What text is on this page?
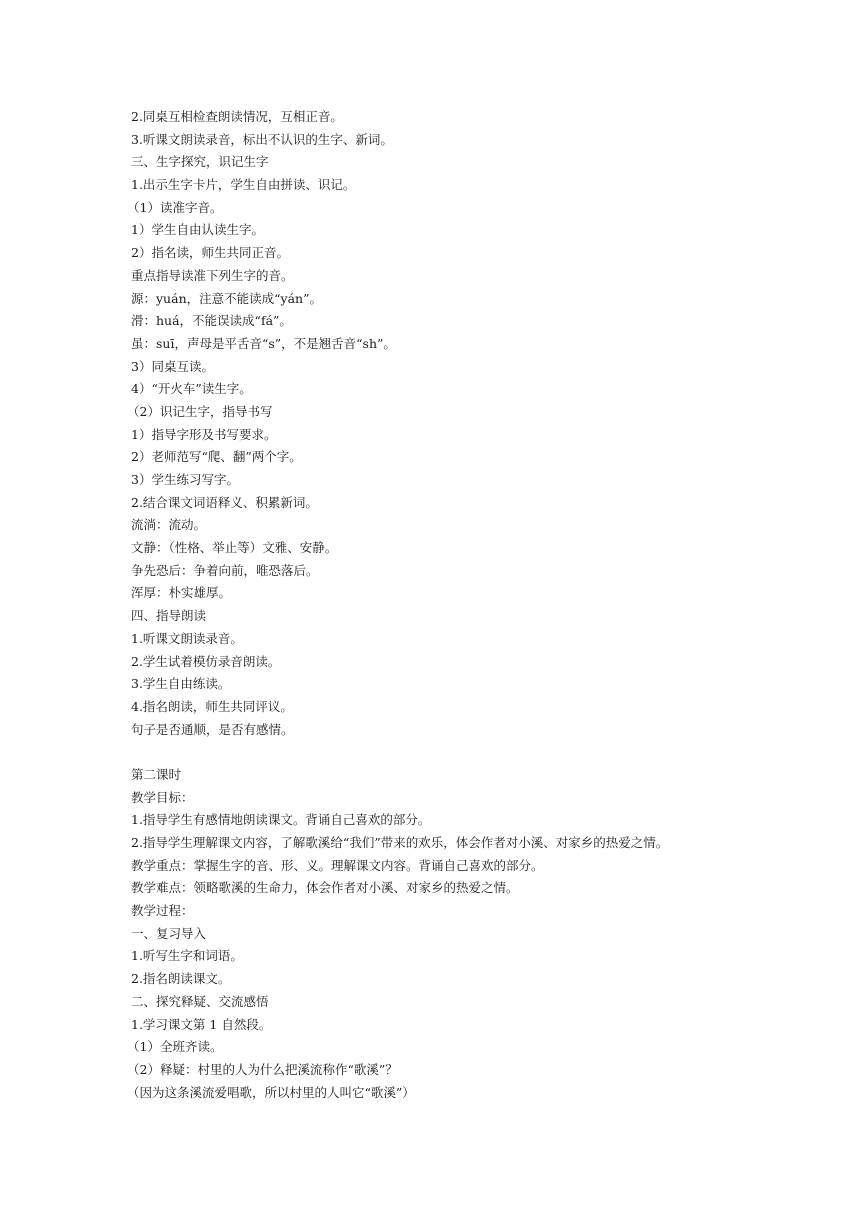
2.同桌互相检查朗读情况，互相正音。
3.听课文朗读录音，标出不认识的生字、新词。
三、生字探究，识记生字
1.出示生字卡片，学生自由拼读、识记。
（1）读准字音。
1）学生自由认读生字。
2）指名读，师生共同正音。
重点指导读准下列生字的音。
源：yuán，注意不能读成“yán”。
滑：huá，不能误读成“fá”。
虽：suī，声母是平舌音“s”，不是翘舌音“sh”。
3）同桌互读。
4）“开火车”读生字。
（2）识记生字，指导书写
1）指导字形及书写要求。
2）老师范写“爬、翻”两个字。
3）学生练习写字。
2.结合课文词语释义、积累新词。
流淌：流动。
文静：（性格、举止等）文雅、安静。
争先恐后：争着向前，唯恐落后。
浑厚：朴实雄厚。
四、指导朗读
1.听课文朗读录音。
2.学生试着模仿录音朗读。
3.学生自由练读。
4.指名朗读，师生共同评议。
句子是否通顺，是否有感情。
第二课时
教学目标：
1.指导学生有感情地朗读课文。背诵自己喜欢的部分。
2.指导学生理解课文内容，了解歌溪给“我们”带来的欢乐，体会作者对小溪、对家乡的热爱之情。
教学重点：掌握生字的音、形、义。理解课文内容。背诵自己喜欢的部分。
教学难点：领略歌溪的生命力，体会作者对小溪、对家乡的热爱之情。
教学过程：
一、复习导入
1.听写生字和词语。
2.指名朗读课文。
二、探究释疑、交流感悟
1.学习课文第 1 自然段。
（1）全班齐读。
（2）释疑：村里的人为什么把溪流称作“歌溪”？
（因为这条溪流爱唱歌，所以村里的人叫它“歌溪”）
